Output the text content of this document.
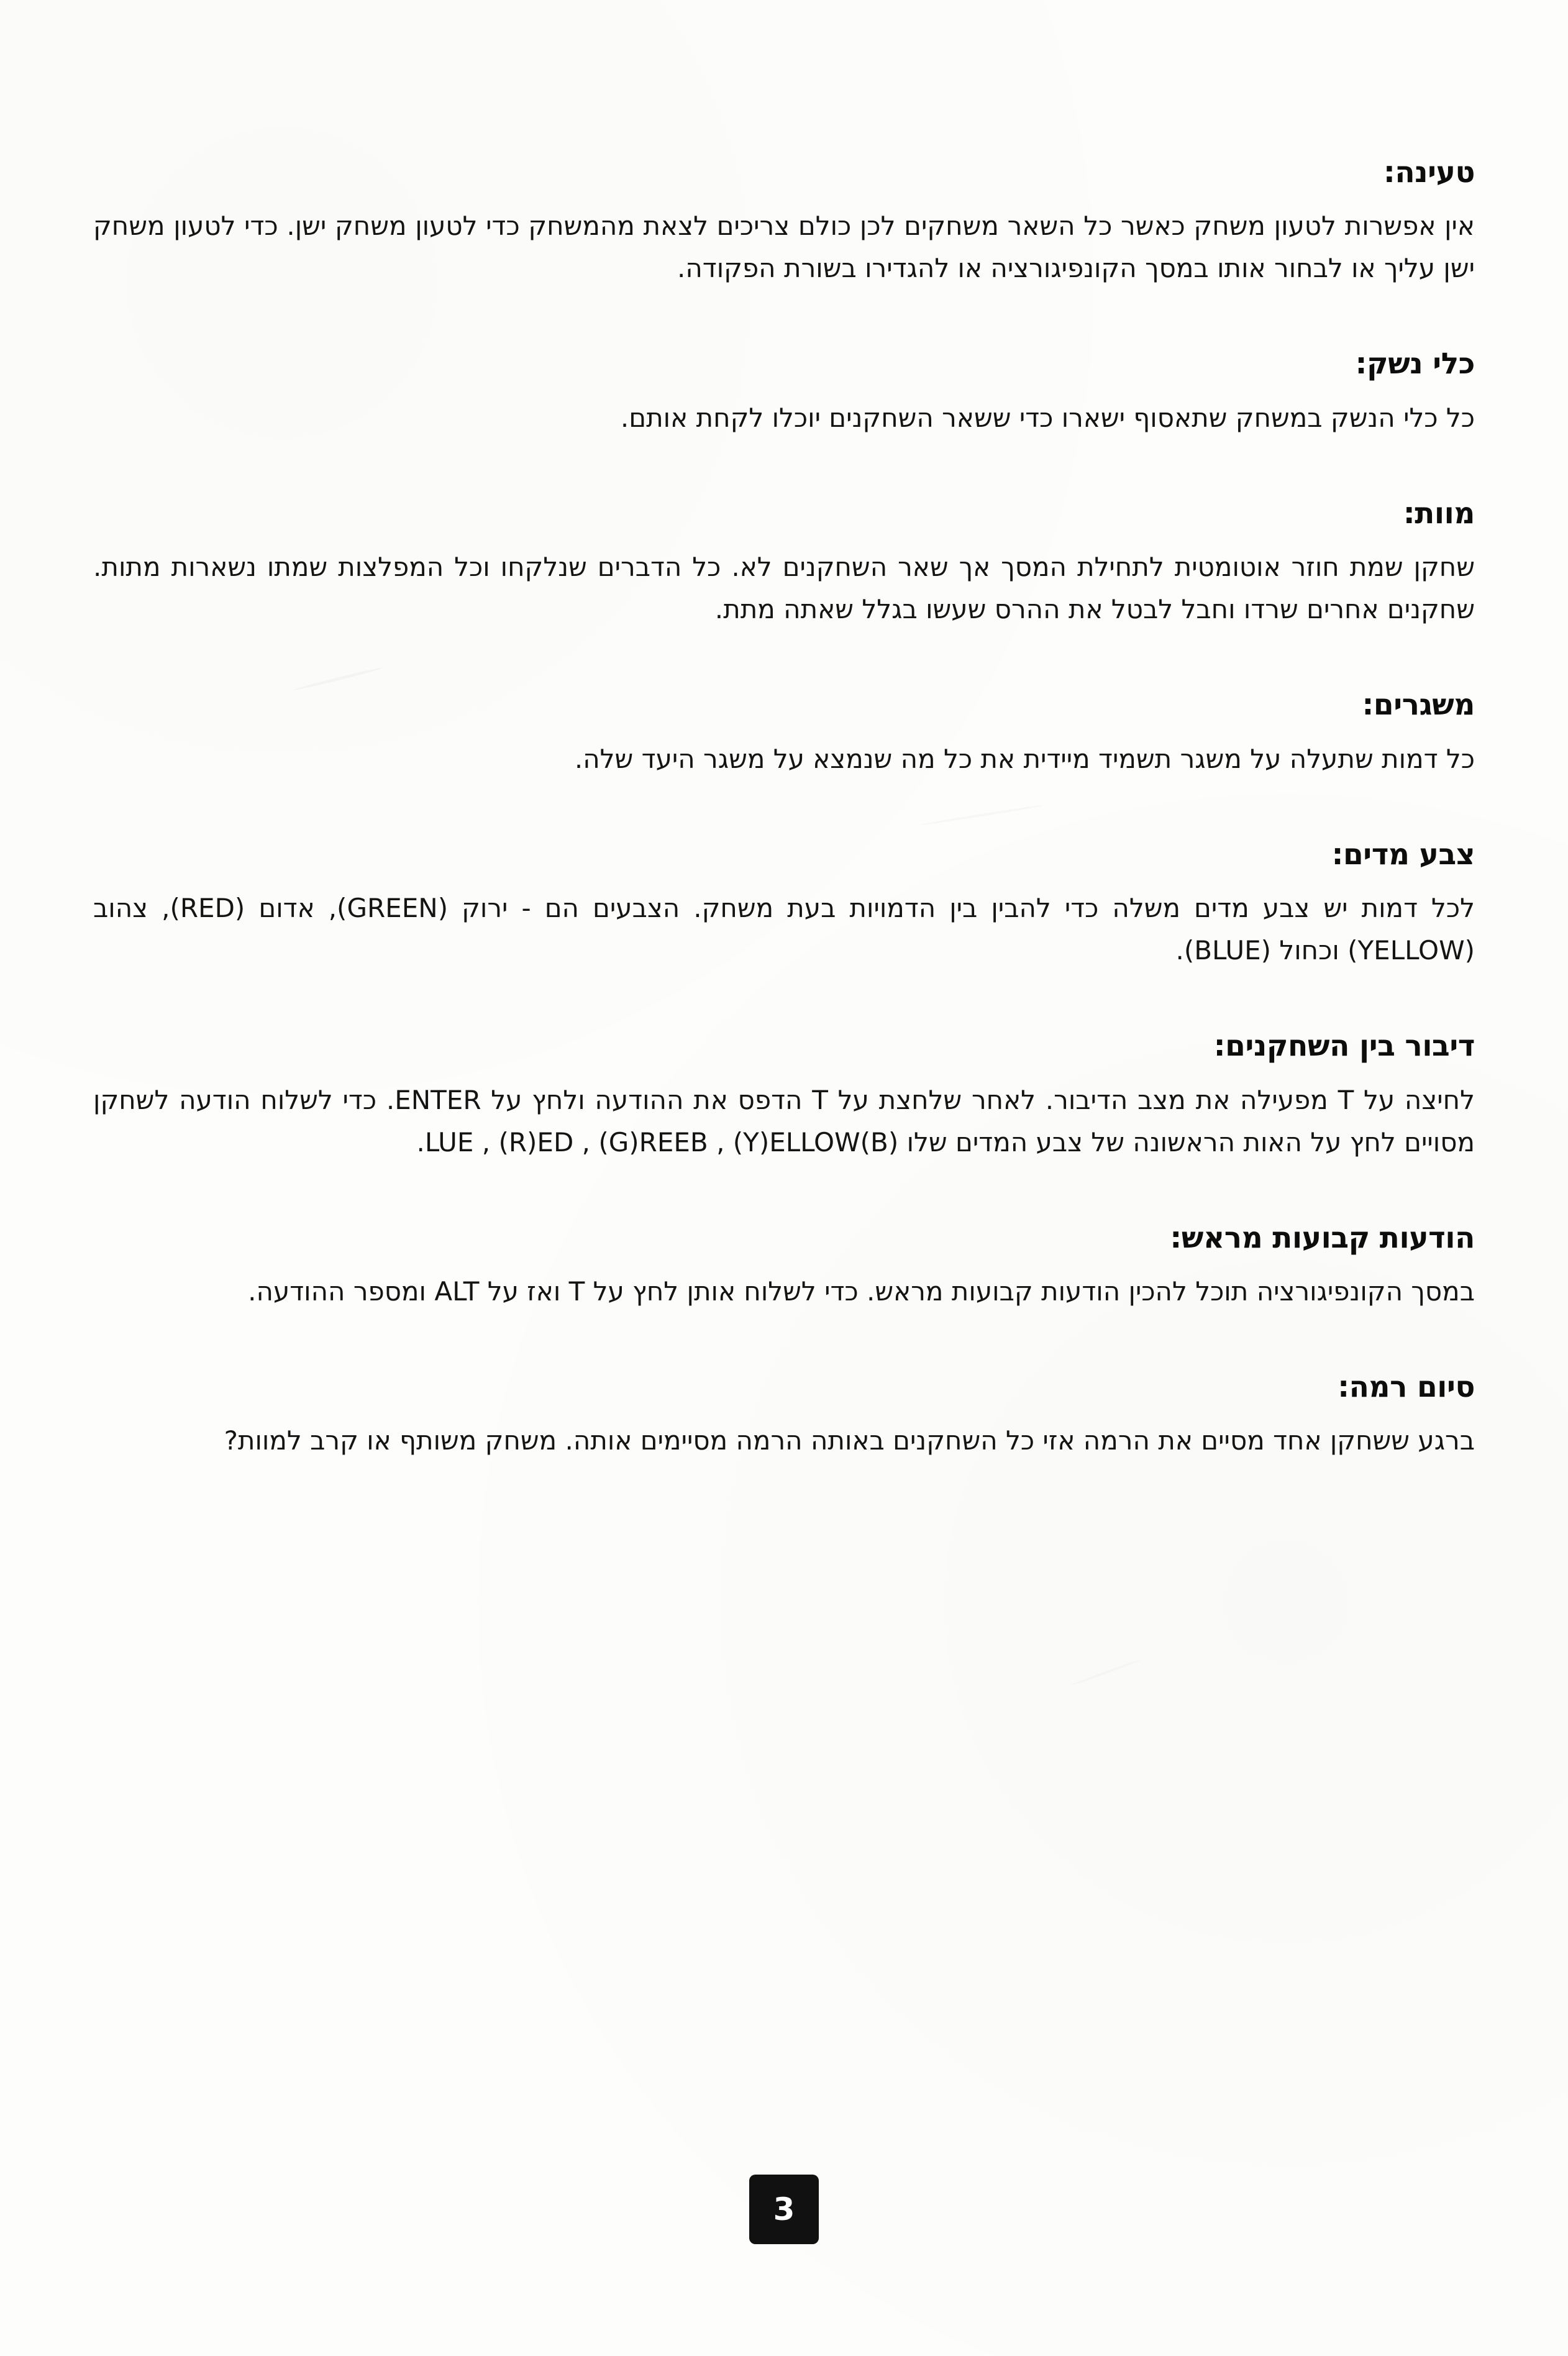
טעינה:

אין אפשרות לטעון משחק כאשר כל השאר משחקים לכן כולם צריכים לצאת מהמשחק כדי לטעון משחק ישן. כדי לטעון משחק ישן עליך או לבחור אותו במסך הקונפיגורציה או להגדירו בשורת הפקודה.

כלי נשק:

כל כלי הנשק במשחק שתאסוף ישארו כדי ששאר השחקנים יוכלו לקחת אותם.

מוות:

שחקן שמת חוזר אוטומטית לתחילת המסך אך שאר השחקנים לא. כל הדברים שנלקחו וכל המפלצות שמתו נשארות מתות. שחקנים אחרים שרדו וחבל לבטל את ההרס שעשו בגלל שאתה מתת.

משגרים:

כל דמות שתעלה על משגר תשמיד מיידית את כל מה שנמצא על משגר היעד שלה.

צבע מדים:

לכל דמות יש צבע מדים משלה כדי להבין בין הדמויות בעת משחק. הצבעים הם - ירוק (GREEN), אדום (RED), צהוב (YELLOW) וכחול (BLUE).

דיבור בין השחקנים:

לחיצה על T מפעילה את מצב הדיבור. לאחר שלחצת על T הדפס את ההודעה ולחץ על ENTER. כדי לשלוח הודעה לשחקן מסויים לחץ על האות הראשונה של צבע המדים שלו (B)LUE , (R)ED , (G)REEB , (Y)ELLOW.

הודעות קבועות מראש:

במסך הקונפיגורציה תוכל להכין הודעות קבועות מראש. כדי לשלוח אותן לחץ על T ואז על ALT ומספר ההודעה.

סיום רמה:

ברגע ששחקן אחד מסיים את הרמה אזי כל השחקנים באותה הרמה מסיימים אותה. משחק משותף או קרב למוות?

3
